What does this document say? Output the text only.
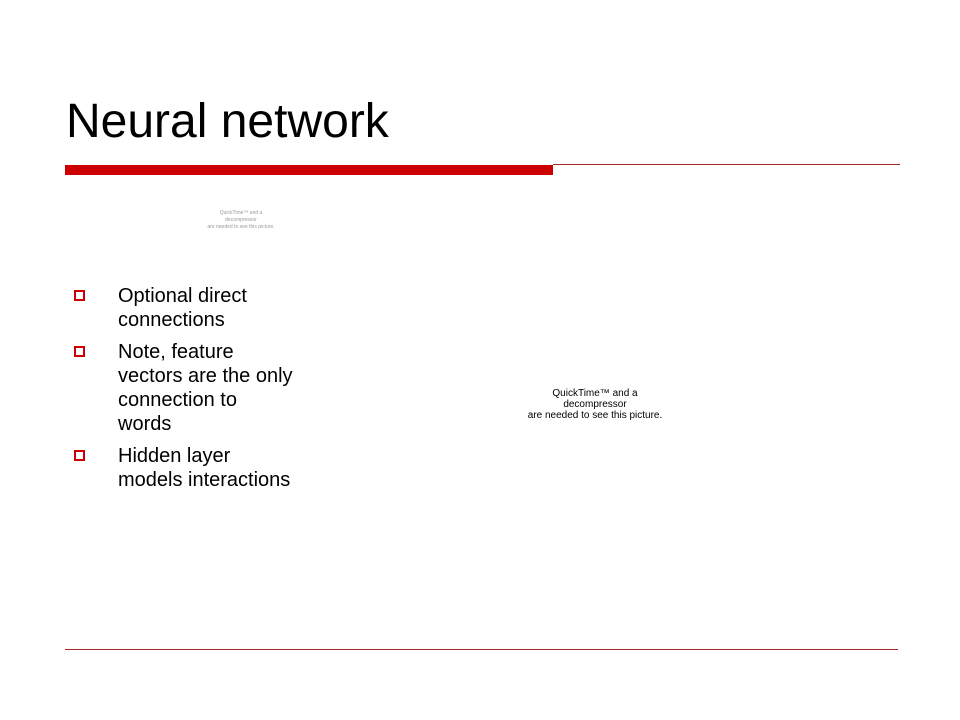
Neural network
QuickTime™ and a
decompressor
are needed to see this picture.
Optional direct connections
Note, feature vectors are the only connection to words
Hidden layer models interactions
QuickTime™ and a
decompressor
are needed to see this picture.
